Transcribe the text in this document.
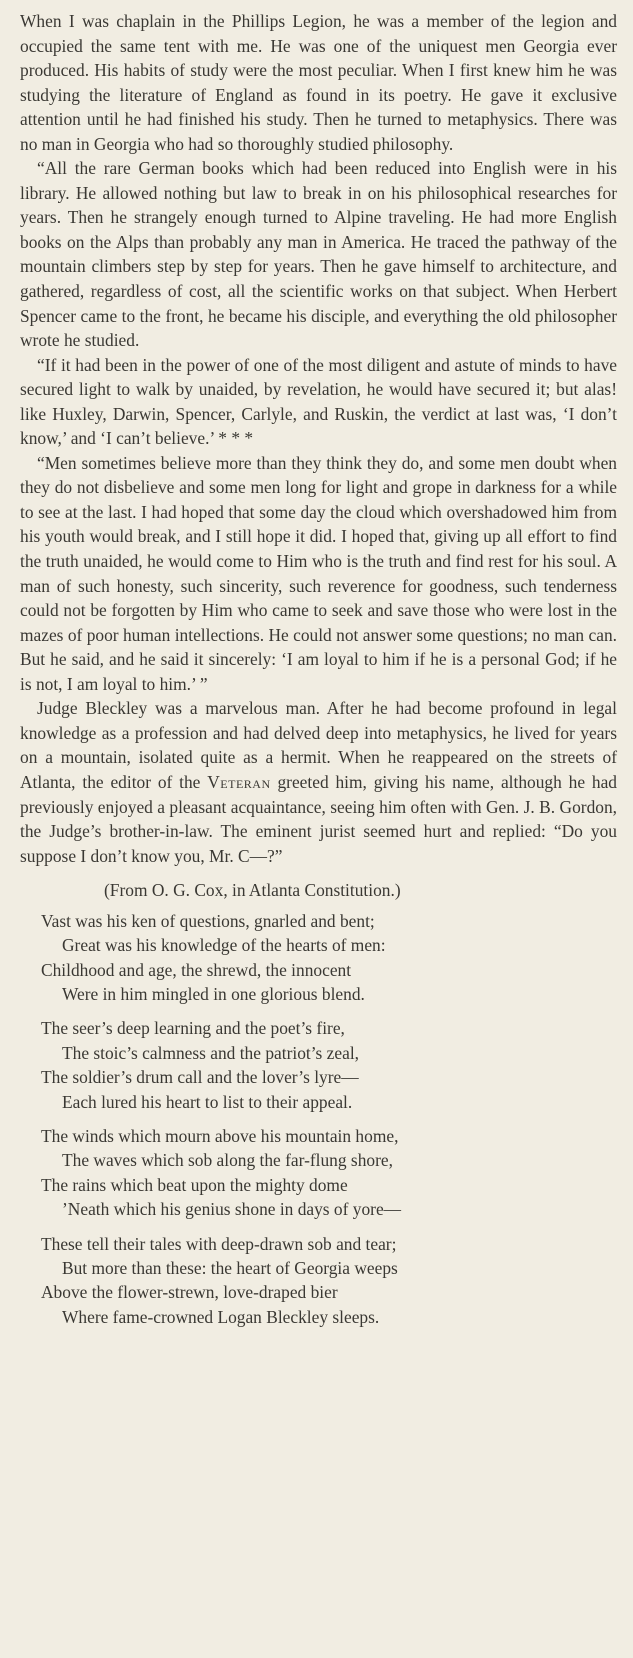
When I was chaplain in the Phillips Legion, he was a member of the legion and occupied the same tent with me. He was one of the uniquest men Georgia ever produced. His habits of study were the most peculiar. When I first knew him he was studying the literature of England as found in its poetry. He gave it exclusive attention until he had finished his study. Then he turned to metaphysics. There was no man in Georgia who had so thoroughly studied philosophy.

“All the rare German books which had been reduced into English were in his library. He allowed nothing but law to break in on his philosophical researches for years. Then he strangely enough turned to Alpine traveling. He had more English books on the Alps than probably any man in America. He traced the pathway of the mountain climbers step by step for years. Then he gave himself to architecture, and gathered, regardless of cost, all the scientific works on that subject. When Herbert Spencer came to the front, he became his disciple, and everything the old philosopher wrote he studied.

“If it had been in the power of one of the most diligent and astute of minds to have secured light to walk by unaided, by revelation, he would have secured it; but alas! like Huxley, Darwin, Spencer, Carlyle, and Ruskin, the verdict at last was, ‘I don’t know,’ and ‘I can’t believe.’ * * *

“Men sometimes believe more than they think they do, and some men doubt when they do not disbelieve and some men long for light and grope in darkness for a while to see at the last. I had hoped that some day the cloud which overshadowed him from his youth would break, and I still hope it did. I hoped that, giving up all effort to find the truth unaided, he would come to Him who is the truth and find rest for his soul. A man of such honesty, such sincerity, such reverence for goodness, such tenderness could not be forgotten by Him who came to seek and save those who were lost in the mazes of poor human intellections. He could not answer some questions; no man can. But he said, and he said it sincerely: ‘I am loyal to him if he is a personal God; if he is not, I am loyal to him.’ ”

Judge Bleckley was a marvelous man. After he had become profound in legal knowledge as a profession and had delved deep into metaphysics, he lived for years on a mountain, isolated quite as a hermit. When he reappeared on the streets of Atlanta, the editor of the Veteran greeted him, giving his name, although he had previously enjoyed a pleasant acquaintance, seeing him often with Gen. J. B. Gordon, the Judge’s brother-in-law. The eminent jurist seemed hurt and replied: “Do you suppose I don’t know you, Mr. C—?”

(From O. G. Cox, in Atlanta Constitution.)

Vast was his ken of questions, gnarled and bent;
Great was his knowledge of the hearts of men:
Childhood and age, the shrewd, the innocent
Were in him mingled in one glorious blend.
The seer’s deep learning and the poet’s fire,
The stoic’s calmness and the patriot’s zeal,
The soldier’s drum call and the lover’s lyre—
Each lured his heart to list to their appeal.
The winds which mourn above his mountain home,
The waves which sob along the far-flung shore,
The rains which beat upon the mighty dome
’Neath which his genius shone in days of yore—
These tell their tales with deep-drawn sob and tear;
But more than these: the heart of Georgia weeps
Above the flower-strewn, love-draped bier
Where fame-crowned Logan Bleckley sleeps.
